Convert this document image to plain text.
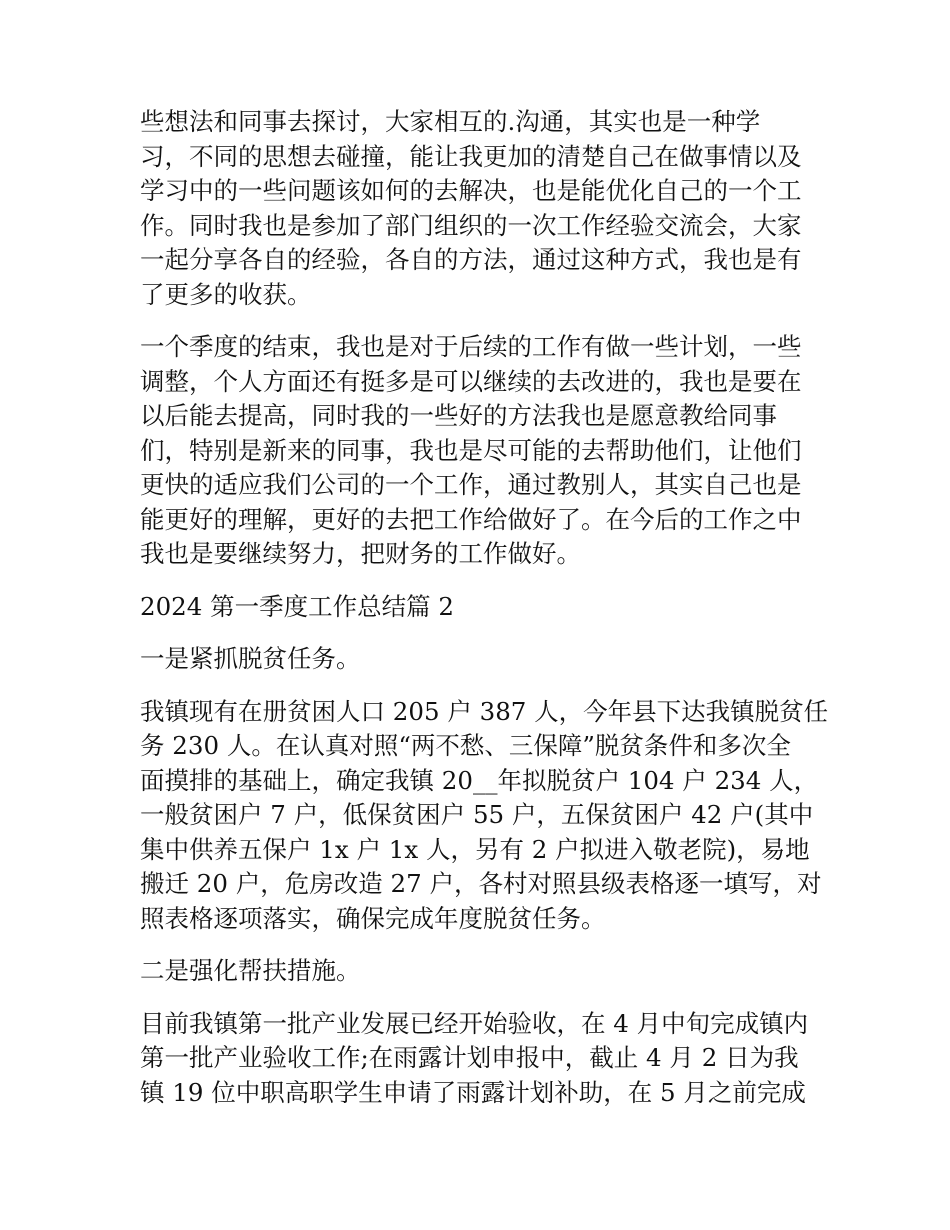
些想法和同事去探讨，大家相互的.沟通，其实也是一种学
习，不同的思想去碰撞，能让我更加的清楚自己在做事情以及
学习中的一些问题该如何的去解决，也是能优化自己的一个工
作。同时我也是参加了部门组织的一次工作经验交流会，大家
一起分享各自的经验，各自的方法，通过这种方式，我也是有
了更多的收获。

一个季度的结束，我也是对于后续的工作有做一些计划，一些
调整，个人方面还有挺多是可以继续的去改进的，我也是要在
以后能去提高，同时我的一些好的方法我也是愿意教给同事
们，特别是新来的同事，我也是尽可能的去帮助他们，让他们
更快的适应我们公司的一个工作，通过教别人，其实自己也是
能更好的理解，更好的去把工作给做好了。在今后的工作之中
我也是要继续努力，把财务的工作做好。

2024 第一季度工作总结篇 2

一是紧抓脱贫任务。

我镇现有在册贫困人口 205 户 387 人，今年县下达我镇脱贫任
务 230 人。在认真对照“两不愁、三保障”脱贫条件和多次全
面摸排的基础上，确定我镇 20__年拟脱贫户 104 户 234 人，
一般贫困户 7 户，低保贫困户 55 户，五保贫困户 42 户(其中
集中供养五保户 1x 户 1x 人，另有 2 户拟进入敬老院)，易地
搬迁 20 户，危房改造 27 户，各村对照县级表格逐一填写，对
照表格逐项落实，确保完成年度脱贫任务。

二是强化帮扶措施。

目前我镇第一批产业发展已经开始验收，在 4 月中旬完成镇内
第一批产业验收工作;在雨露计划申报中，截止 4 月 2 日为我
镇 19 位中职高职学生申请了雨露计划补助，在 5 月之前完成
